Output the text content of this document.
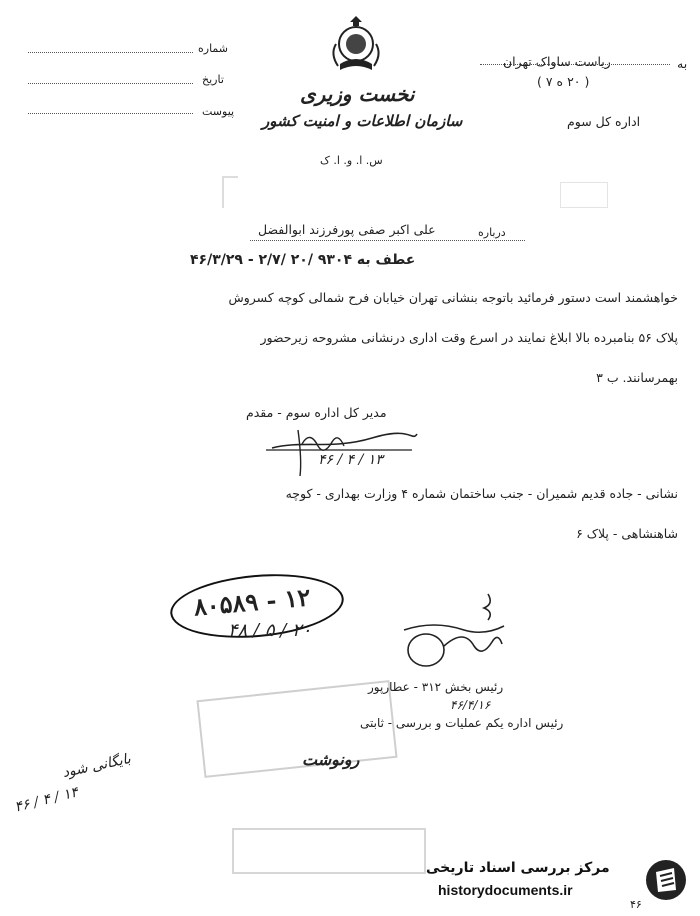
شماره
تاریخ
پیوست
نخست وزیری
سازمان اطلاعات و امنیت کشور
س. ا. و. ا. ک
به
ریاست ساواک تهران
( ۲۰ ه ۷ )
اداره کل سوم
علی اکبر صفی پورفرزند ابوالفضل	درباره
عطف به ۹۳۰۴ /۲۰ /۲/۷ - ۴۶/۳/۲۹
خواهشمند است دستور فرمائید باتوجه بنشانی تهران خیابان فرح شمالی کوچه کسروش
پلاک ۵۶ بنامبرده بالا ابلاغ نمایند در اسرع وقت اداری درنشانی مشروحه زیرحضور
بهمرسانند. ب ۳
مدیر کل اداره سوم - مقدم
۴۶ / ۴ / ۱۳
نشانی - جاده قدیم شمیران - جنب ساختمان شماره ۴ وزارت بهداری - کوچه
شاهنشاهی - پلاک ۶
۸۰۵۸۹ - ۱۲
۴۸ / ۵ / ۲۰
رئیس بخش ۳۱۲ - عطارپور
۴۶/۴/۱۶
رئیس اداره یکم عملیات و بررسی - ثابتی
رونوشت
بایگانی شود
۴۶ / ۴ / ۱۴
مرکز بررسی اسناد تاریخی
historydocuments.ir
۴۶
